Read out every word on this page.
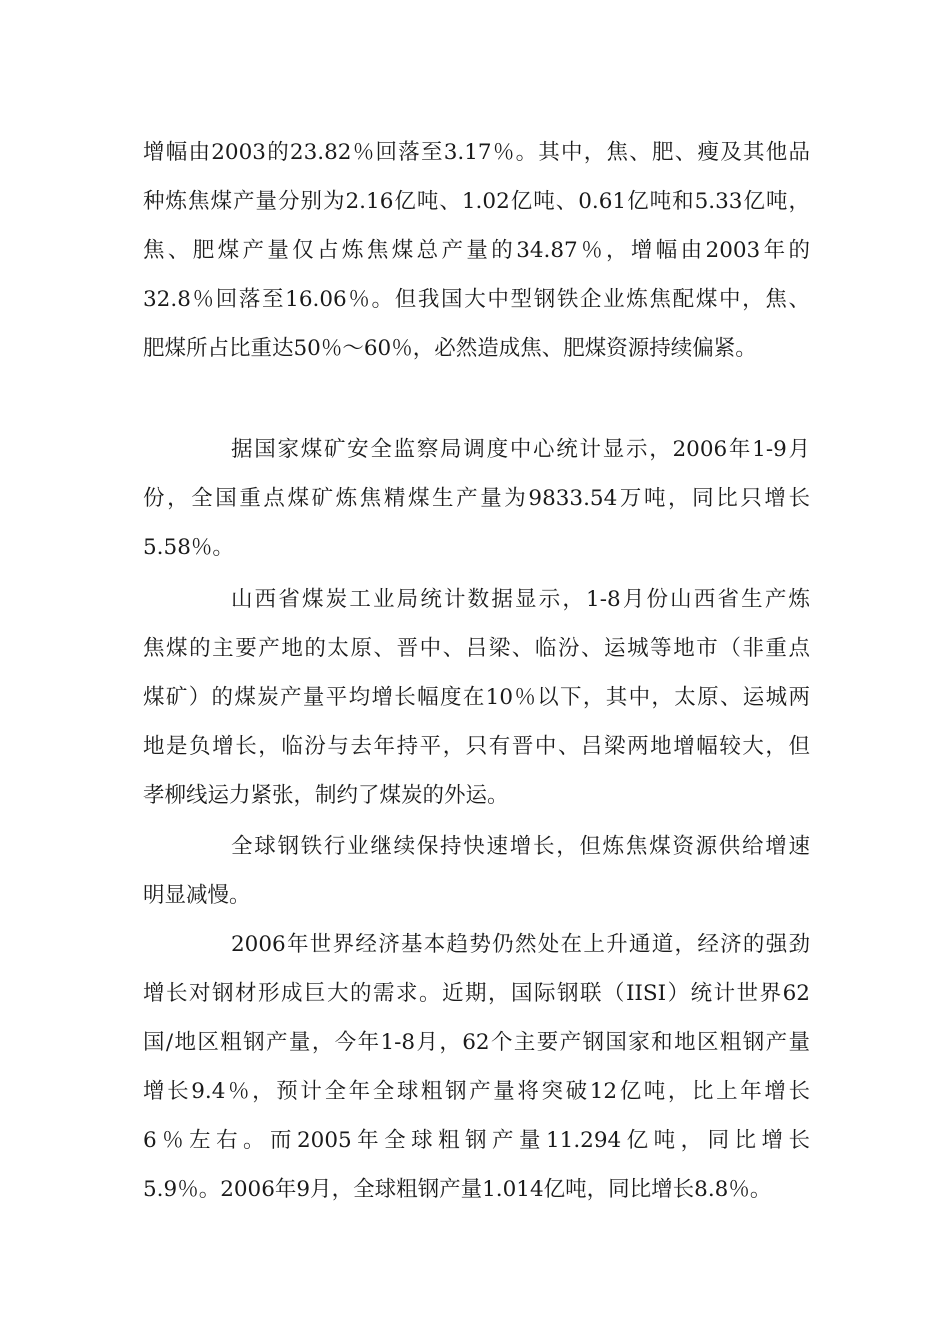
增幅由2003的23.82％回落至3.17％。其中，焦、肥、瘦及其他品
种炼焦煤产量分别为2.16亿吨、1.02亿吨、0.61亿吨和5.33亿吨，
焦、肥煤产量仅占炼焦煤总产量的34.87％，增幅由2003年的
32.8％回落至16.06％。但我国大中型钢铁企业炼焦配煤中，焦、
肥煤所占比重达50％～60％，必然造成焦、肥煤资源持续偏紧。
据国家煤矿安全监察局调度中心统计显示，2006年1-9月
份，全国重点煤矿炼焦精煤生产量为9833.54万吨，同比只增长
5.58％。
山西省煤炭工业局统计数据显示，1-8月份山西省生产炼
焦煤的主要产地的太原、晋中、吕梁、临汾、运城等地市（非重点
煤矿）的煤炭产量平均增长幅度在10％以下，其中，太原、运城两
地是负增长，临汾与去年持平，只有晋中、吕梁两地增幅较大，但
孝柳线运力紧张，制约了煤炭的外运。
全球钢铁行业继续保持快速增长，但炼焦煤资源供给增速
明显减慢。
2006年世界经济基本趋势仍然处在上升通道，经济的强劲
增长对钢材形成巨大的需求。近期，国际钢联（IISI）统计世界62
国/地区粗钢产量，今年1-8月，62个主要产钢国家和地区粗钢产量
增长9.4％，预计全年全球粗钢产量将突破12亿吨，比上年增长
6％左右。而2005年全球粗钢产量11.294亿吨，同比增长
5.9％。2006年9月，全球粗钢产量1.014亿吨，同比增长8.8％。
